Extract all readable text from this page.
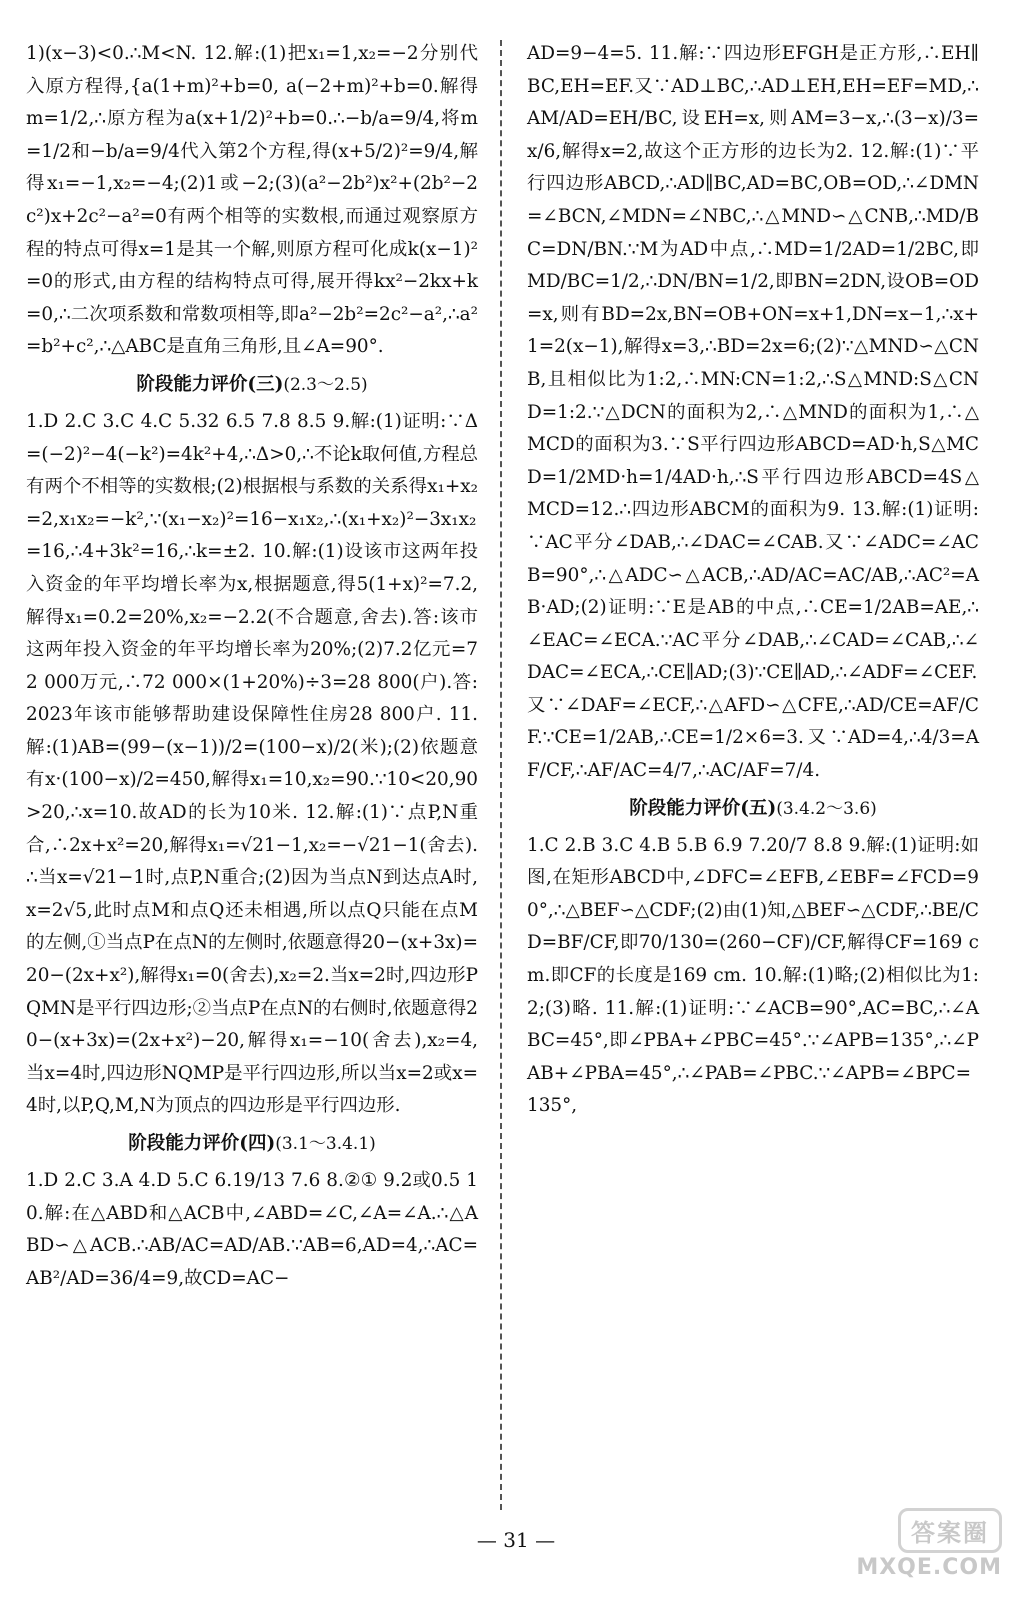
1)(x−3)<0.∴M<N. 12.解:(1)把x₁=1,x₂=−2分别代入原方程得,{a(1+m)²+b=0, a(−2+m)²+b=0.解得m=1/2,∴原方程为a(x+1/2)²+b=0.∴−b/a=9/4,将m=1/2和−b/a=9/4代入第2个方程,得(x+5/2)²=9/4,解得x₁=−1,x₂=−4;(2)1或−2;(3)(a²−2b²)x²+(2b²−2c²)x+2c²−a²=0有两个相等的实数根,而通过观察原方程的特点可得x=1是其一个解,则原方程可化成k(x−1)²=0的形式,由方程的结构特点可得,展开得kx²−2kx+k=0,∴二次项系数和常数项相等,即a²−2b²=2c²−a²,∴a²=b²+c²,∴△ABC是直角三角形,且∠A=90°.

阶段能力评价(三)(2.3～2.5)

1.D 2.C 3.C 4.C 5.32 6.5 7.8 8.5 9.解:(1)证明:∵Δ=(−2)²−4(−k²)=4k²+4,∴Δ>0,∴不论k取何值,方程总有两个不相等的实数根;(2)根据根与系数的关系得x₁+x₂=2,x₁x₂=−k²,∵(x₁−x₂)²=16−x₁x₂,∴(x₁+x₂)²−3x₁x₂=16,∴4+3k²=16,∴k=±2. 10.解:(1)设该市这两年投入资金的年平均增长率为x,根据题意,得5(1+x)²=7.2,解得x₁=0.2=20%,x₂=−2.2(不合题意,舍去).答:该市这两年投入资金的年平均增长率为20%;(2)7.2亿元=72 000万元,∴72 000×(1+20%)÷3=28 800(户).答:2023年该市能够帮助建设保障性住房28 800户. 11.解:(1)AB=(99−(x−1))/2=(100−x)/2(米);(2)依题意有x·(100−x)/2=450,解得x₁=10,x₂=90.∵10<20,90>20,∴x=10.故AD的长为10米. 12.解:(1)∵点P,N重合,∴2x+x²=20,解得x₁=√21−1,x₂=−√21−1(舍去).∴当x=√21−1时,点P,N重合;(2)因为当点N到达点A时,x=2√5,此时点M和点Q还未相遇,所以点Q只能在点M的左侧,①当点P在点N的左侧时,依题意得20−(x+3x)=20−(2x+x²),解得x₁=0(舍去),x₂=2.当x=2时,四边形PQMN是平行四边形;②当点P在点N的右侧时,依题意得20−(x+3x)=(2x+x²)−20,解得x₁=−10(舍去),x₂=4,当x=4时,四边形NQMP是平行四边形,所以当x=2或x=4时,以P,Q,M,N为顶点的四边形是平行四边形.

阶段能力评价(四)(3.1～3.4.1)

1.D 2.C 3.A 4.D 5.C 6.19/13 7.6 8.②① 9.2或0.5 10.解:在△ABD和△ACB中,∠ABD=∠C,∠A=∠A.∴△ABD∽△ACB.∴AB/AC=AD/AB.∵AB=6,AD=4,∴AC=AB²/AD=36/4=9,故CD=AC−

AD=9−4=5. 11.解:∵四边形EFGH是正方形,∴EH∥BC,EH=EF.又∵AD⊥BC,∴AD⊥EH,EH=EF=MD,∴AM/AD=EH/BC,设EH=x,则AM=3−x,∴(3−x)/3=x/6,解得x=2,故这个正方形的边长为2. 12.解:(1)∵平行四边形ABCD,∴AD∥BC,AD=BC,OB=OD,∴∠DMN=∠BCN,∠MDN=∠NBC,∴△MND∽△CNB,∴MD/BC=DN/BN.∵M为AD中点,∴MD=1/2AD=1/2BC,即MD/BC=1/2,∴DN/BN=1/2,即BN=2DN,设OB=OD=x,则有BD=2x,BN=OB+ON=x+1,DN=x−1,∴x+1=2(x−1),解得x=3,∴BD=2x=6;(2)∵△MND∽△CNB,且相似比为1:2,∴MN:CN=1:2,∴S△MND:S△CND=1:2.∵△DCN的面积为2,∴△MND的面积为1,∴△MCD的面积为3.∵S平行四边形ABCD=AD·h,S△MCD=1/2MD·h=1/4AD·h,∴S平行四边形ABCD=4S△MCD=12.∴四边形ABCM的面积为9. 13.解:(1)证明:∵AC平分∠DAB,∴∠DAC=∠CAB.又∵∠ADC=∠ACB=90°,∴△ADC∽△ACB,∴AD/AC=AC/AB,∴AC²=AB·AD;(2)证明:∵E是AB的中点,∴CE=1/2AB=AE,∴∠EAC=∠ECA.∵AC平分∠DAB,∴∠CAD=∠CAB,∴∠DAC=∠ECA,∴CE∥AD;(3)∵CE∥AD,∴∠ADF=∠CEF.又∵∠DAF=∠ECF,∴△AFD∽△CFE,∴AD/CE=AF/CF.∵CE=1/2AB,∴CE=1/2×6=3.又∵AD=4,∴4/3=AF/CF,∴AF/AC=4/7,∴AC/AF=7/4.

阶段能力评价(五)(3.4.2～3.6)

1.C 2.B 3.C 4.B 5.B 6.9 7.20/7 8.8 9.解:(1)证明:如图,在矩形ABCD中,∠DFC=∠EFB,∠EBF=∠FCD=90°,∴△BEF∽△CDF;(2)由(1)知,△BEF∽△CDF,∴BE/CD=BF/CF,即70/130=(260−CF)/CF,解得CF=169 cm.即CF的长度是169 cm. 10.解:(1)略;(2)相似比为1:2;(3)略. 11.解:(1)证明:∵∠ACB=90°,AC=BC,∴∠ABC=45°,即∠PBA+∠PBC=45°.∵∠APB=135°,∴∠PAB+∠PBA=45°,∴∠PAB=∠PBC.∵∠APB=∠BPC=135°,

— 31 —	答案圈
MXQE.COM
